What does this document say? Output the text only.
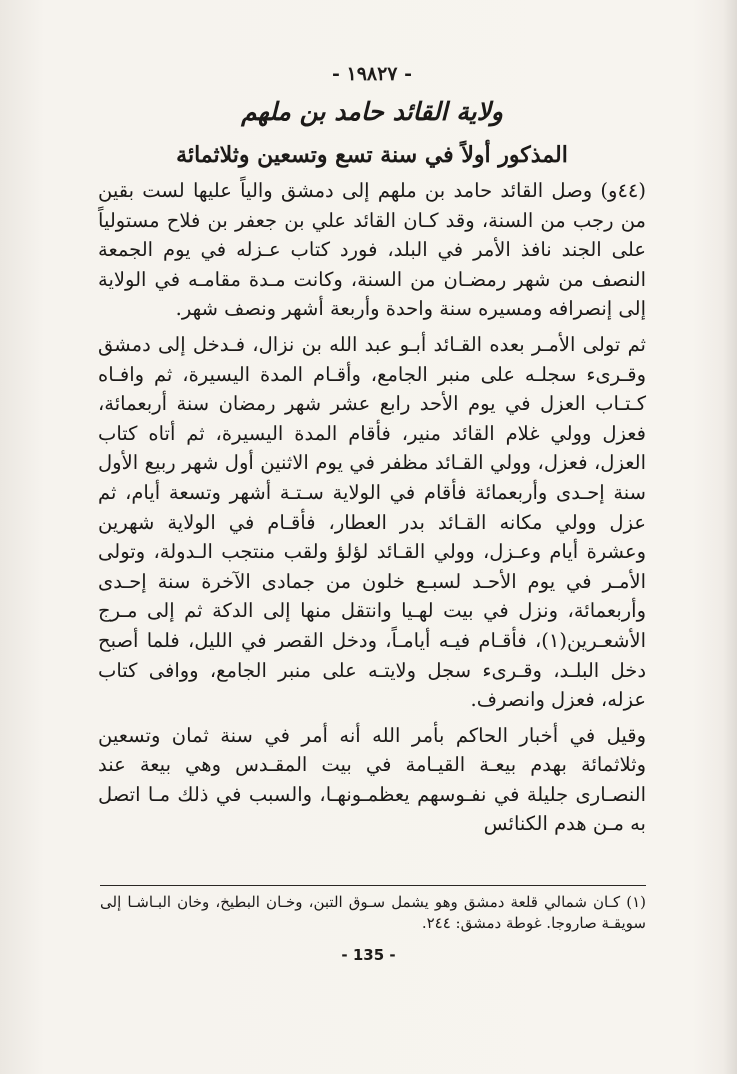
- ١٩٨٢٧ -
ولاية القائد حامد بن ملهم
المذكور أولاً في سنة تسع وتسعين وثلاثمائة

(٤٤و) وصل القائد حامد بن ملهم إلى دمشق والياً عليها لست بقين من رجب من السنة، وقد كـان القائد علي بن جعفر بن فلاح مستولياً على الجند نافذ الأمر في البلد، فورد كتاب عـزله في يوم الجمعة النصف من شهر رمضـان من السنة، وكانت مـدة مقامـه في الولاية إلى إنصرافه ومسيره سنة واحدة وأربعة أشهر ونصف شهر.

ثم تولى الأمـر بعده القـائد أبـو عبد الله بن نزال، فـدخل إلى دمشق وقـرىء سجلـه على منبر الجامع، وأقـام المدة اليسيرة، ثم وافـاه كـتـاب العزل في يوم الأحد رابع عشر شهر رمضان سنة أربعمائة، فعزل وولي غلام القائد منير، فأقام المدة اليسيرة، ثم أتاه كتاب العزل، فعزل، وولي القـائد مظفر في يوم الاثنين أول شهر ربيع الأول سنة إحـدى وأربعمائة فأقام في الولاية سـتـة أشهر وتسعة أيام، ثم عزل وولي مكانه القـائد بدر العطار، فأقـام في الولاية شهرين وعشرة أيام وعـزل، وولي القـائد لؤلؤ ولقب منتجب الـدولة، وتولى الأمـر في يوم الأحـد لسبـع خلون من جمادى الآخرة سنة إحـدى وأربعمائة، ونزل في بيت لهـيا وانتقل منها إلى الدكة ثم إلى مـرج الأشعـرين(١)، فأقـام فيـه أيامـاً، ودخل القصر في الليل، فلما أصبح دخل البلـد، وقـرىء سجل ولايتـه على منبر الجامع، ووافى كتاب عزله، فعزل وانصرف.

وقيل في أخبار الحاكم بأمر الله أنه أمر في سنة ثمان وتسعين وثلاثمائة بهدم بيعـة القيـامة في بيت المقـدس وهي بيعة عند النصـارى جليلة في نفـوسهم يعظمـونهـا، والسبب في ذلك مـا اتصل به مـن هدم الكنائس

(١) كـان شمالي قلعة دمشق وهو يشمل سـوق التبن، وخـان البطيخ، وخان البـاشـا إلى سويقـة صاروجا. غوطة دمشق: ٢٤٤.
- 135 -
